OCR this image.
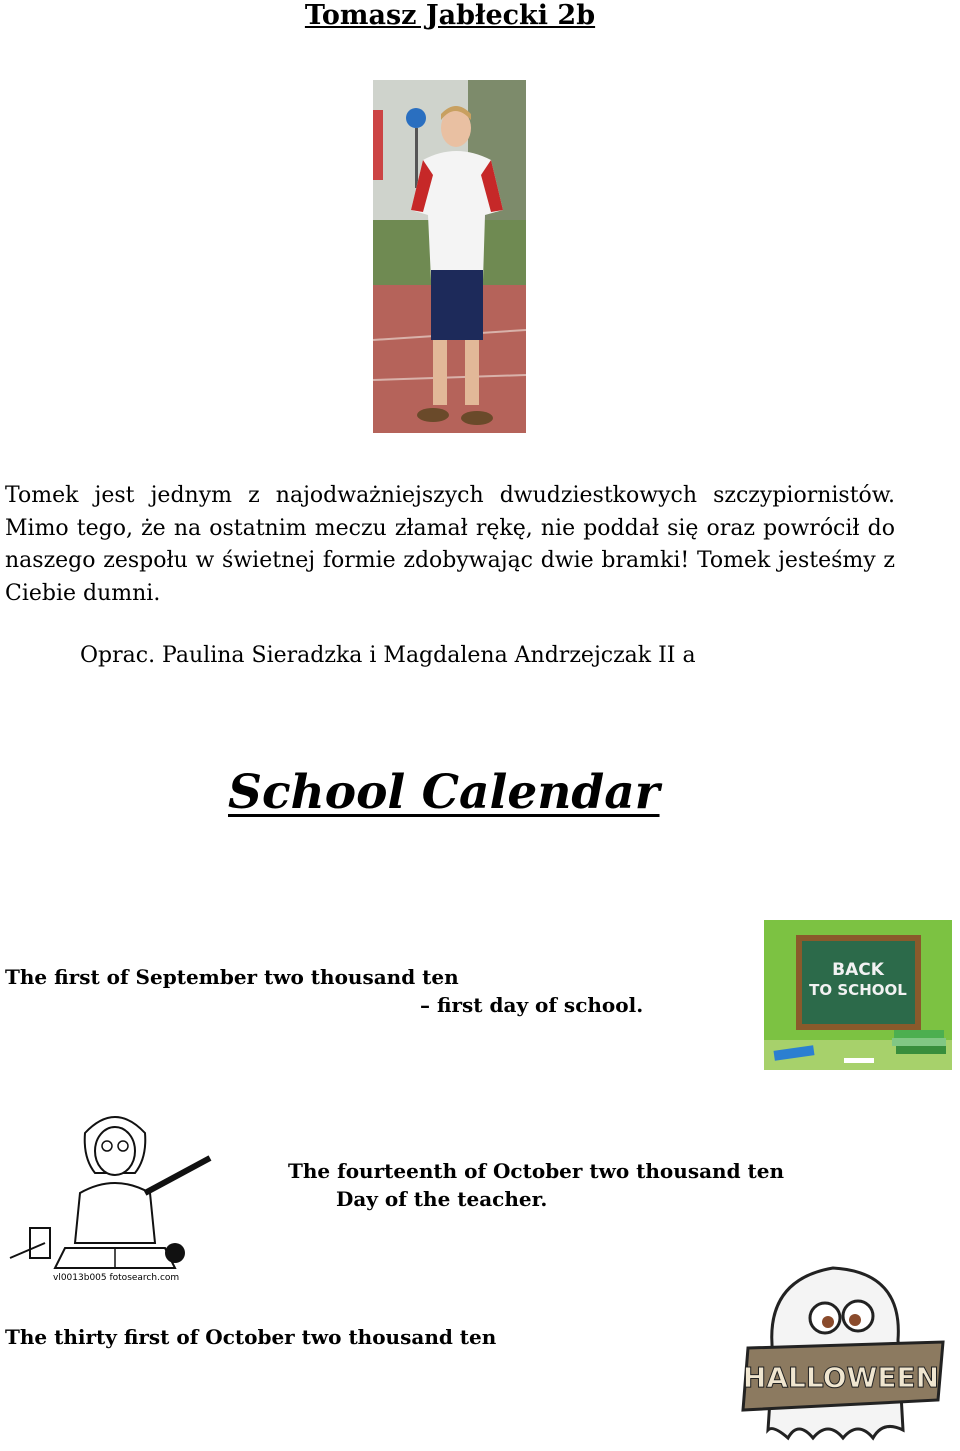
Tomasz Jabłecki 2b
Tomek jest jednym z najodważniejszych dwudziestkowych szczypiornistów. Mimo tego, że na ostatnim meczu złamał rękę, nie poddał się oraz powrócił do naszego zespołu w świetnej formie zdobywając dwie bramki! Tomek jesteśmy z Ciebie dumni.
Oprac. Paulina Sieradzka i Magdalena Andrzejczak II a
School Calendar
The first of September two thousand ten
– first day of school.
BACK
TO SCHOOL
vl0013b005 fotosearch.com
The fourteenth of October two thousand ten
Day of the teacher.
The thirty first of October two thousand ten
HALLOWEEN
